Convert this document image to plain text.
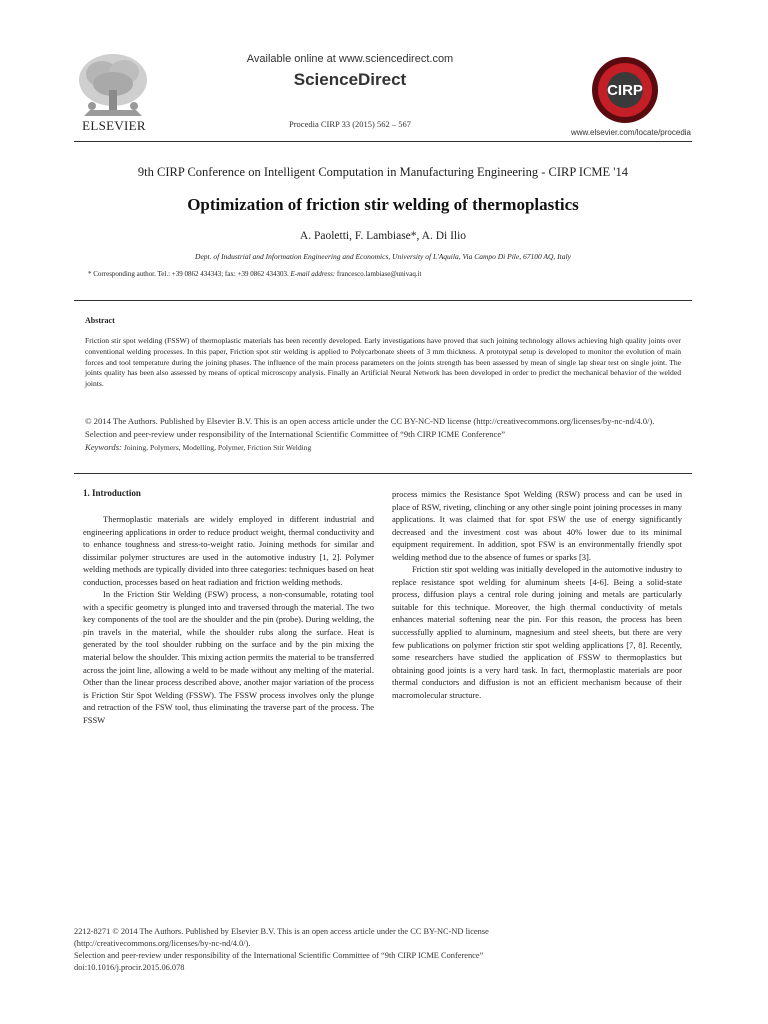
ELSEVIER
Available online at www.sciencedirect.com
ScienceDirect
Procedia CIRP 33 (2015) 562 – 567
CIRP
www.elsevier.com/locate/procedia
9th CIRP Conference on Intelligent Computation in Manufacturing Engineering - CIRP ICME '14
Optimization of friction stir welding of thermoplastics
A. Paoletti, F. Lambiase*, A. Di Ilio
Dept. of Industrial and Information Engineering and Economics, University of L'Aquila, Via Campo Di Pile, 67100 AQ, Italy
* Corresponding author. Tel.: +39 0862 434343; fax: +39 0862 434303. E-mail address: francesco.lambiase@univaq.it
Abstract
Friction stir spot welding (FSSW) of thermoplastic materials has been recently developed. Early investigations have proved that such joining technology allows achieving high quality joints over conventional welding processes. In this paper, Friction spot stir welding is applied to Polycarbonate sheets of 3 mm thickness. A prototypal setup is developed to monitor the evolution of main forces and tool temperature during the joining phases. The influence of the main process parameters on the joints strength has been assessed by mean of single lap shear test on single joint. The joints quality has been also assessed by means of optical microscopy analysis. Finally an Artificial Neural Network has been developed in order to predict the mechanical behavior of the welded joints.
© 2014 The Authors. Published by Elsevier B.V. This is an open access article under the CC BY-NC-ND license (http://creativecommons.org/licenses/by-nc-nd/4.0/).
Selection and peer-review under responsibility of the International Scientific Committee of “9th CIRP ICME Conference”
Keywords: Joining, Polymers, Modelling, Polymer, Friction Stir Welding
1. Introduction

Thermoplastic materials are widely employed in different industrial and engineering applications in order to reduce product weight, thermal conductivity and to enhance toughness and stress-to-weight ratio. Joining methods for similar and dissimilar polymer structures are used in the automotive industry [1, 2]. Polymer welding methods are typically divided into three categories: techniques based on heat conduction, processes based on heat radiation and friction welding methods.

In the Friction Stir Welding (FSW) process, a non-consumable, rotating tool with a specific geometry is plunged into and traversed through the material. The two key components of the tool are the shoulder and the pin (probe). During welding, the pin travels in the material, while the shoulder rubs along the surface. Heat is generated by the tool shoulder rubbing on the surface and by the pin mixing the material below the shoulder. This mixing action permits the material to be transferred across the joint line, allowing a weld to be made without any melting of the material. Other than the linear process described above, another major variation of the process is Friction Stir Spot Welding (FSSW). The FSSW process involves only the plunge and retraction of the FSW tool, thus eliminating the traverse part of the process. The FSSW

process mimics the Resistance Spot Welding (RSW) process and can be used in place of RSW, riveting, clinching or any other single point joining processes in many applications. It was claimed that for spot FSW the use of energy significantly decreased and the investment cost was about 40% lower due to its minimal equipment requirement. In addition, spot FSW is an environmentally friendly spot welding method due to the absence of fumes or sparks [3].

Friction stir spot welding was initially developed in the automotive industry to replace resistance spot welding for aluminum sheets [4-6]. Being a solid-state process, diffusion plays a central role during joining and metals are particularly suitable for this technique. Moreover, the high thermal conductivity of metals enhances material softening near the pin. For this reason, the process has been successfully applied to aluminum, magnesium and steel sheets, but there are very few publications on polymer friction stir spot welding applications [7, 8]. Recently, some researchers have studied the application of FSSW to thermoplastics but obtaining good joints is a very hard task. In fact, thermoplastic materials are poor thermal conductors and diffusion is not an efficient mechanism because of their macromolecular structure.

2212-8271 © 2014 The Authors. Published by Elsevier B.V. This is an open access article under the CC BY-NC-ND license
(http://creativecommons.org/licenses/by-nc-nd/4.0/).
Selection and peer-review under responsibility of the International Scientific Committee of “9th CIRP ICME Conference”
doi:10.1016/j.procir.2015.06.078
